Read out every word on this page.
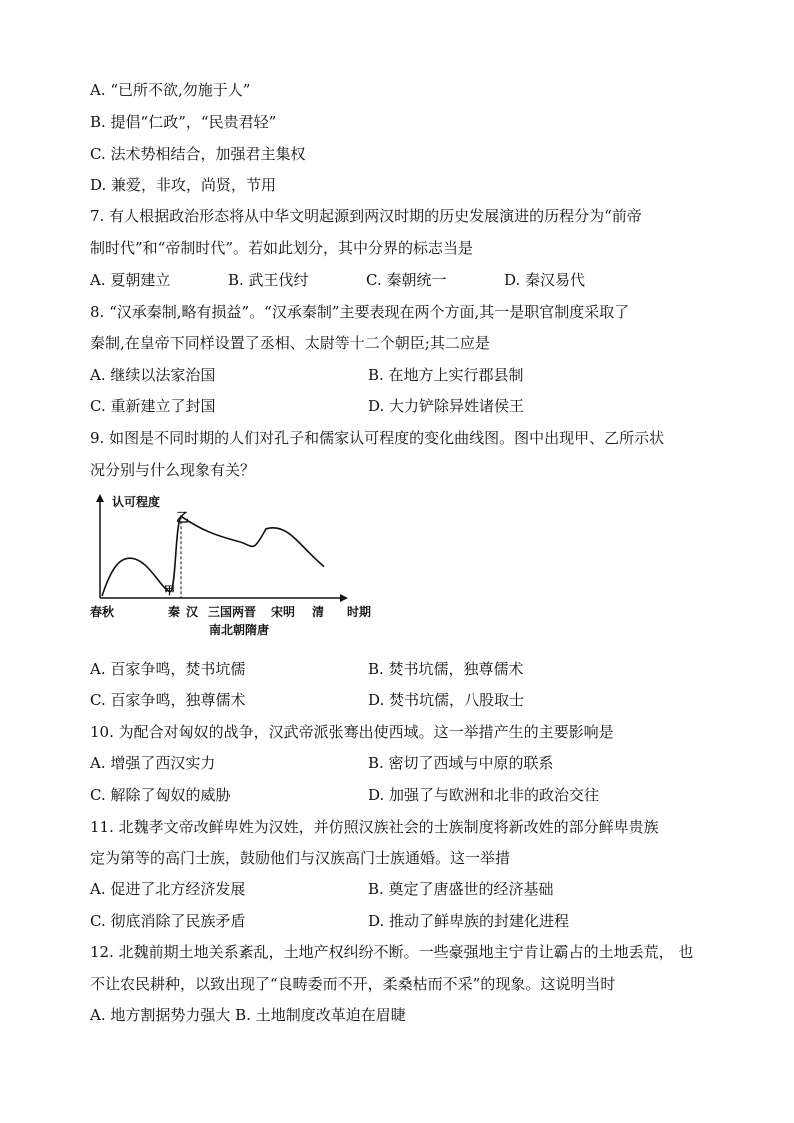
A. “已所不欲,勿施于人”
B. 提倡“仁政”，“民贵君轻”
C. 法术势相结合，加强君主集权
D. 兼爱，非攻，尚贤，节用
7. 有人根据政治形态将从中华文明起源到两汉时期的历史发展演进的历程分为“前帝
制时代”和“帝制时代”。若如此划分，其中分界的标志当是
A. 夏朝建立	B. 武王伐纣	C. 秦朝统一	D. 秦汉易代
8. “汉承秦制,略有损益”。“汉承秦制”主要表现在两个方面,其一是职官制度采取了
秦制,在皇帝下同样设置了丞相、太尉等十二个朝臣;其二应是
A. 继续以法家治国	B. 在地方上实行郡县制
C. 重新建立了封国	D. 大力铲除异姓诸侯王
9. 如图是不同时期的人们对孔子和儒家认可程度的变化曲线图。图中出现甲、乙所示状
况分别与什么现象有关？
认可程度
时期
甲
乙
春秋	秦 汉 三国两晋 宋明 清
南北朝隋唐
A. 百家争鸣，焚书坑儒	B. 焚书坑儒，独尊儒术
C. 百家争鸣，独尊儒术	D. 焚书坑儒，八股取士
10. 为配合对匈奴的战争，汉武帝派张骞出使西域。这一举措产生的主要影响是
A. 增强了西汉实力	B. 密切了西域与中原的联系
C. 解除了匈奴的威胁	D. 加强了与欧洲和北非的政治交往
11. 北魏孝文帝改鲜卑姓为汉姓，并仿照汉族社会的士族制度将新改姓的部分鲜卑贵族
定为第等的高门士族，鼓励他们与汉族高门士族通婚。这一举措
A. 促进了北方经济发展	B. 奠定了唐盛世的经济基础
C. 彻底消除了民族矛盾	D. 推动了鲜卑族的封建化进程
12. 北魏前期土地关系紊乱，土地产权纠纷不断。一些豪强地主宁肯让霸占的土地丢荒， 也
不让农民耕种，以致出现了“良畴委而不开，柔桑枯而不采”的现象。这说明当时
A. 地方割据势力强大 B. 土地制度改革迫在眉睫
